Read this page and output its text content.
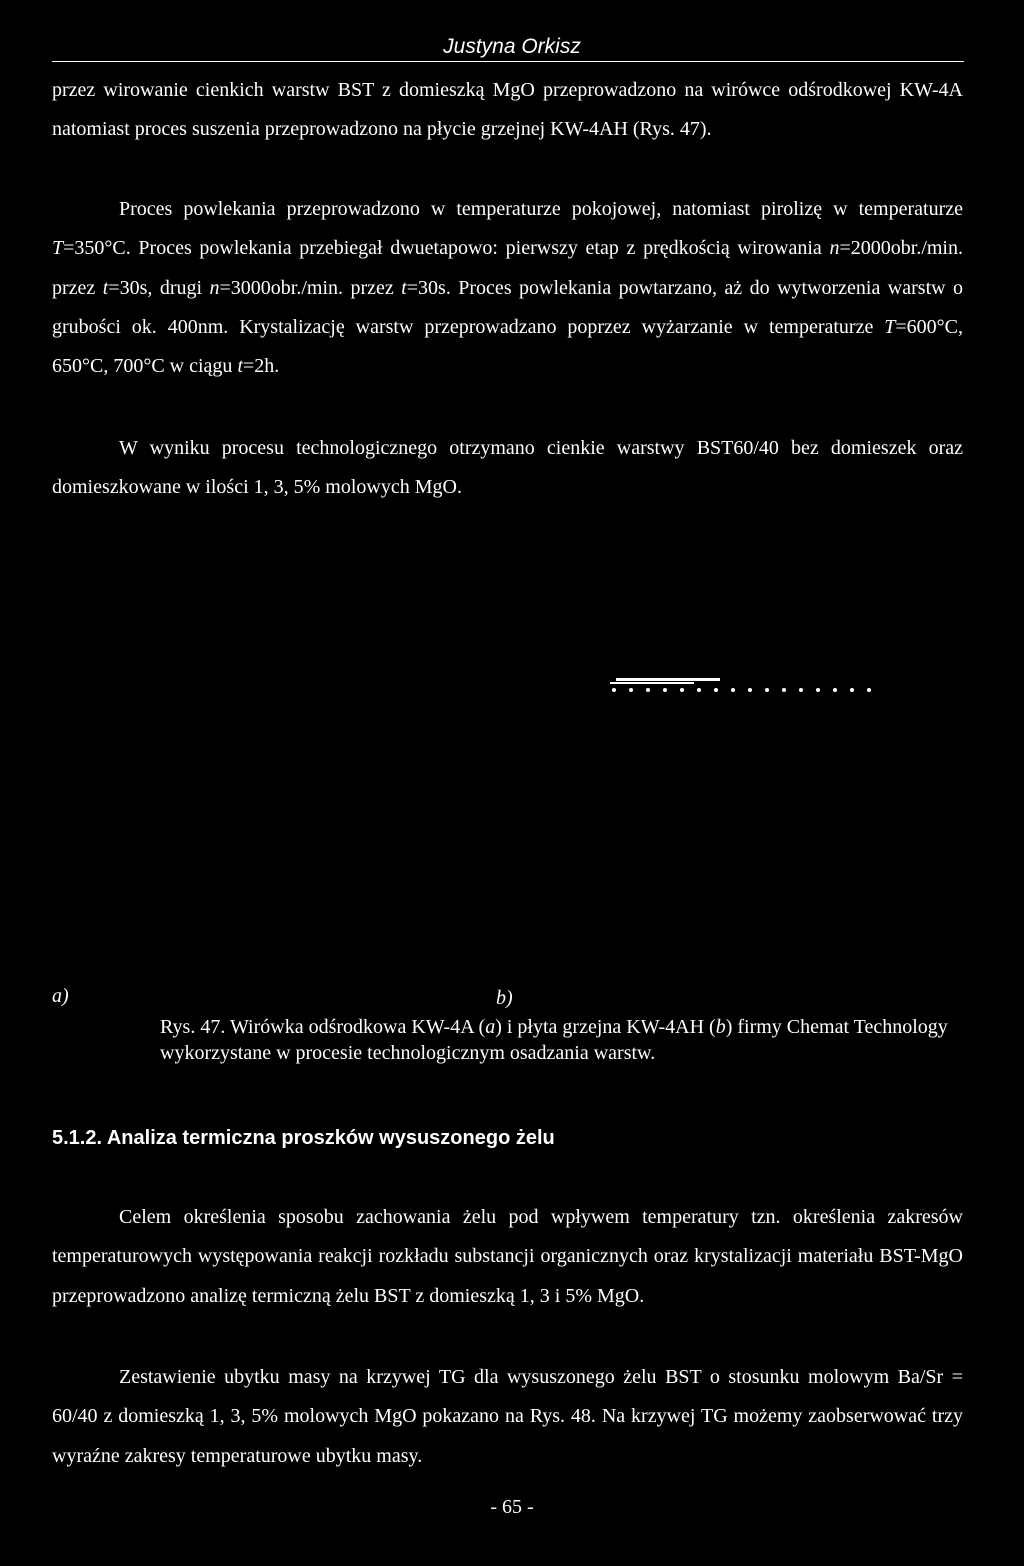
Justyna Orkisz

przez wirowanie cienkich warstw BST z domieszką MgO przeprowadzono na wirówce odśrodkowej KW-4A natomiast proces suszenia przeprowadzono na płycie grzejnej KW-4AH (Rys. 47).

Proces powlekania przeprowadzono w temperaturze pokojowej, natomiast pirolizę w temperaturze T=350°C. Proces powlekania przebiegał dwuetapowo: pierwszy etap z prędkością wirowania n=2000obr./min. przez t=30s, drugi n=3000obr./min. przez t=30s. Proces powlekania powtarzano, aż do wytworzenia warstw o grubości ok. 400nm. Krystalizację warstw przeprowadzano poprzez wyżarzanie w temperaturze T=600°C, 650°C, 700°C w ciągu t=2h.

W wyniku procesu technologicznego otrzymano cienkie warstwy BST60/40 bez domieszek oraz domieszkowane w ilości 1, 3, 5% molowych MgO.

a)	b)

Rys. 47. Wirówka odśrodkowa KW-4A (a) i płyta grzejna KW-4AH (b) firmy Chemat Technology wykorzystane w procesie technologicznym osadzania warstw.

5.1.2. Analiza termiczna proszków wysuszonego żelu

Celem określenia sposobu zachowania żelu pod wpływem temperatury tzn. określenia zakresów temperaturowych występowania reakcji rozkładu substancji organicznych oraz krystalizacji materiału BST-MgO przeprowadzono analizę termiczną żelu BST z domieszką 1, 3 i 5% MgO.

Zestawienie ubytku masy na krzywej TG dla wysuszonego żelu BST o stosunku molowym Ba/Sr = 60/40 z domieszką 1, 3, 5% molowych MgO pokazano na Rys. 48. Na krzywej TG możemy zaobserwować trzy wyraźne zakresy temperaturowe ubytku masy.

- 65 -
